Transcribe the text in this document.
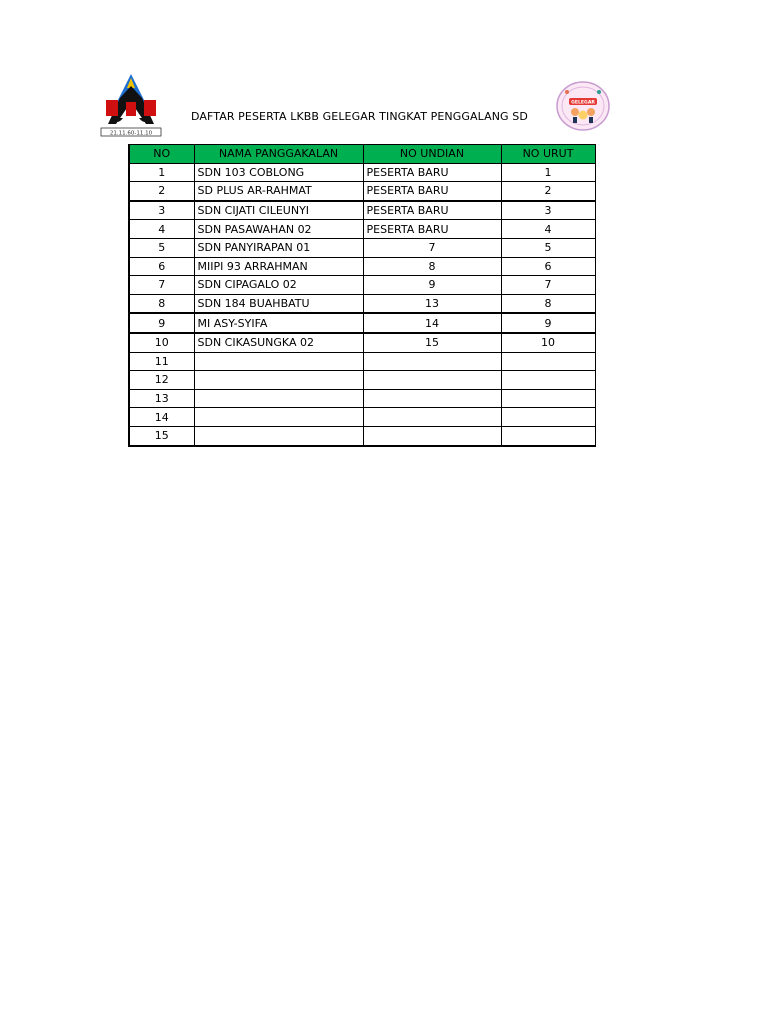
21.11.60-11.10
DAFTAR PESERTA LKBB GELEGAR TINGKAT PENGGALANG SD
GELEGAR
NO	NAMA PANGGAKALAN	NO UNDIAN	NO URUT
1	SDN 103 COBLONG	PESERTA BARU	1
2	SD PLUS AR-RAHMAT	PESERTA BARU	2
3	SDN CIJATI CILEUNYI	PESERTA BARU	3
4	SDN PASAWAHAN 02	PESERTA BARU	4
5	SDN PANYIRAPAN 01	7	5
6	MIIPI 93 ARRAHMAN	8	6
7	SDN CIPAGALO 02	9	7
8	SDN 184 BUAHBATU	13	8
9	MI ASY-SYIFA	14	9
10	SDN CIKASUNGKA 02	15	10
11			
12			
13			
14			
15			
